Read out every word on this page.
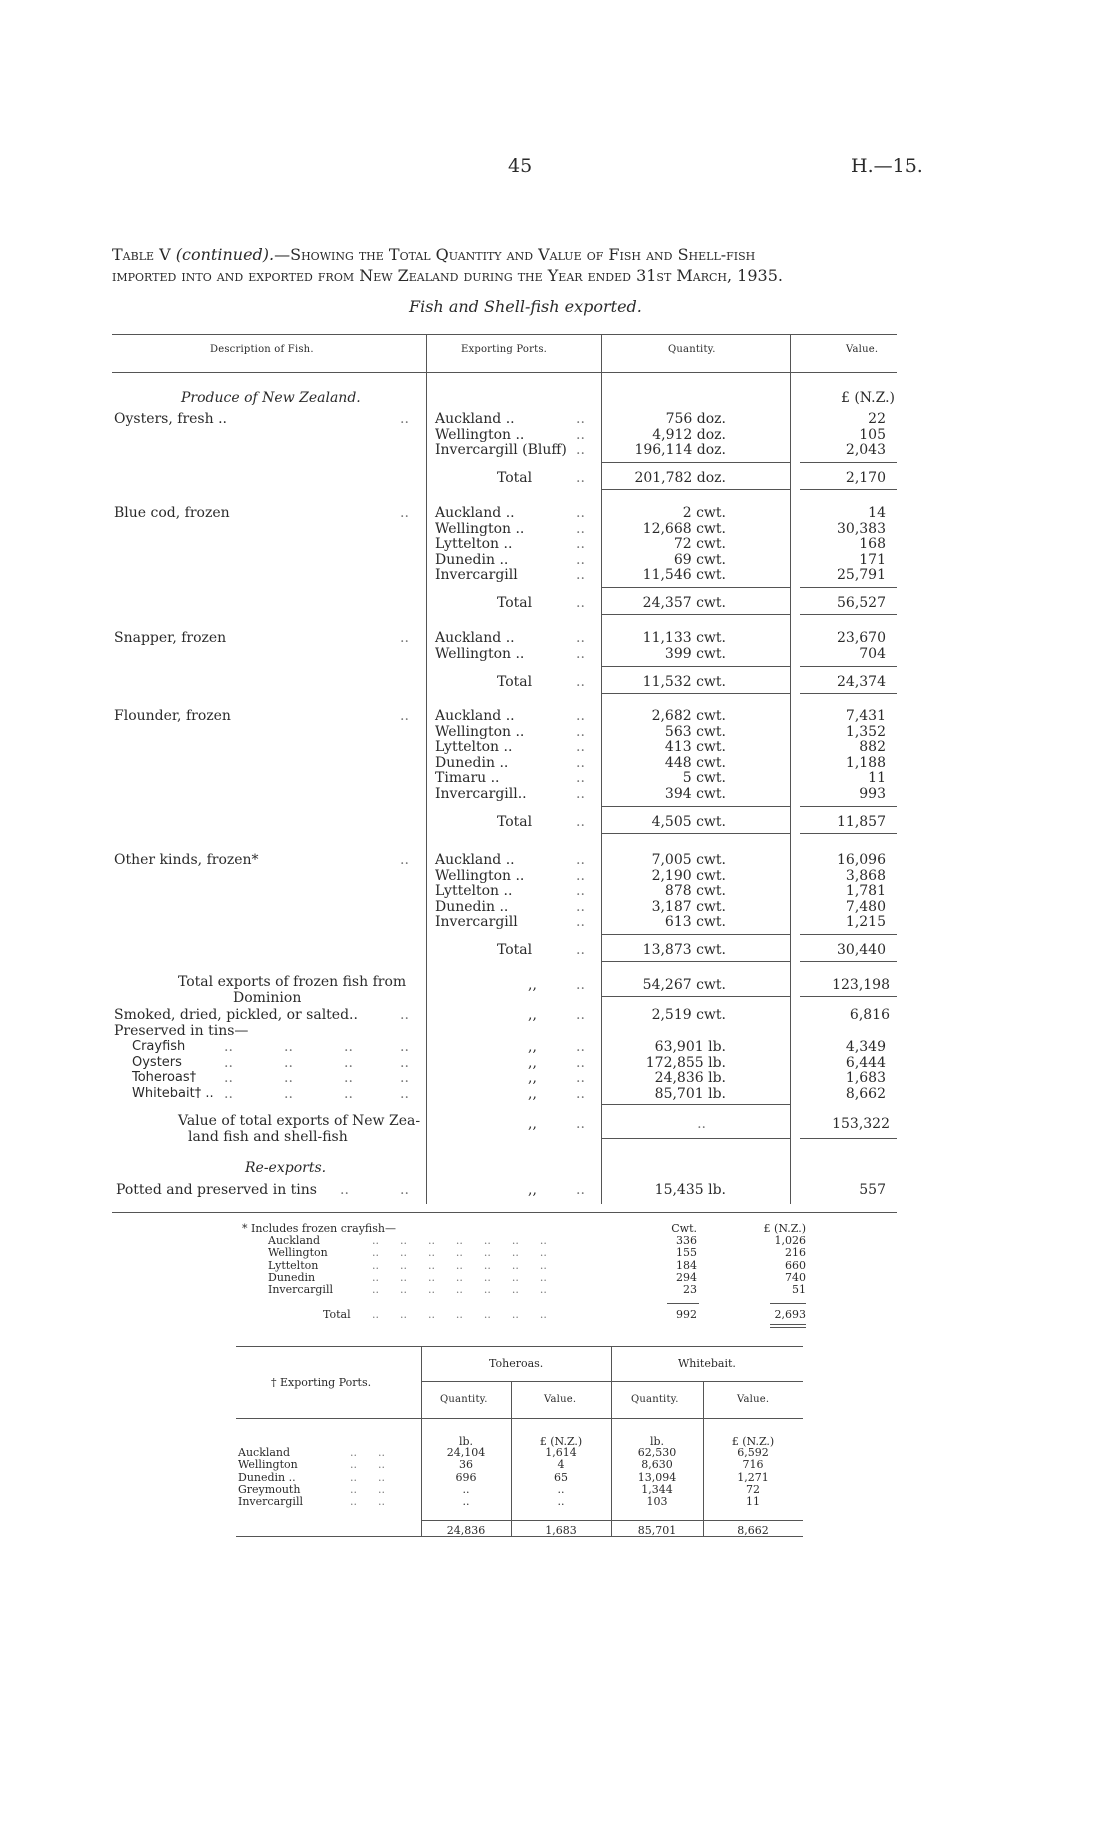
45	H.—15.
Table V (continued).—Showing the Total Quantity and Value of Fish and Shell-fish
imported into and exported from New Zealand during the Year ended 31st March, 1935.
Fish and Shell-fish exported.
Description of Fish.	Exporting Ports.	Quantity.	Value.
Produce of New Zealand.	£ (N.Z.)
Oysters, fresh ..	.. Auckland ..	..	756 doz.	22
Wellington ..	..	4,912 doz.	105
Invercargill (Bluff) ..	196,114 doz.	2,043
Total	..	201,782 doz.	2,170
Blue cod, frozen	.. Auckland ..	..	2 cwt.	14
Wellington ..	..	12,668 cwt.	30,383
Lyttelton ..	..	72 cwt.	168
Dunedin ..	..	69 cwt.	171
Invercargill	..	11,546 cwt.	25,791
Total	..	24,357 cwt.	56,527
Snapper, frozen	.. Auckland ..	..	11,133 cwt.	23,670
Wellington ..	..	399 cwt.	704
Total	..	11,532 cwt.	24,374
Flounder, frozen	.. Auckland ..	..	2,682 cwt.	7,431
Wellington ..	..	563 cwt.	1,352
Lyttelton ..	..	413 cwt.	882
Dunedin ..	..	448 cwt.	1,188
Timaru ..	..	5 cwt.	11
Invercargill..	..	394 cwt.	993
Total	..	4,505 cwt.	11,857
Other kinds, frozen*	.. Auckland ..	..	7,005 cwt.	16,096
Wellington ..	..	2,190 cwt.	3,868
Lyttelton ..	..	878 cwt.	1,781
Dunedin ..	..	3,187 cwt.	7,480
Invercargill	..	613 cwt.	1,215
Total	..	13,873 cwt.	30,440
Total exports of frozen fish from
Dominion
,,	..	54,267 cwt.	123,198
Smoked, dried, pickled, or salted..	..	,,	..	2,519 cwt.	6,816
Preserved in tins—
Crayfish	..	..	..	..	,,	..	63,901 lb.	4,349
Oysters	..	..	..	..	,,	..	172,855 lb.	6,444
Toheroas† ..	..	..	..	,,	..	24,836 lb.	1,683
Whitebait† .. ..	..	..	..	,,	..	85,701 lb.	8,662
Value of total exports of New Zea-
land fish and shell-fish
,,	..	..	153,322
Re-exports.
Potted and preserved in tins ..	..	,,	..	15,435 lb.	557
* Includes frozen crayfish—	Cwt.	£ (N.Z.)
Auckland	..      ..      ..      ..      ..      ..      ..	336	1,026
Wellington	..      ..      ..      ..      ..      ..      ..	155	216
Lyttelton	..      ..      ..      ..      ..      ..      ..	184	660
Dunedin	..      ..      ..      ..      ..      ..      ..	294	740
Invercargill	..      ..      ..      ..      ..      ..      ..	23	51
Total ..      ..      ..      ..      ..      ..      ..	992	2,693
† Exporting Ports.
Toheroas.	Whitebait.
Quantity.	Value.	Quantity.	Value.
lb.	£ (N.Z.)	lb.	£ (N.Z.)
Auckland	..      ..	24,104	1,614	62,530	6,592
Wellington	..      ..	36	4	8,630	716
Dunedin ..	..      ..	696	65	13,094	1,271
Greymouth	..      ..	..	..	1,344	72
Invercargill	..      ..	..	..	103	11
24,836	1,683	85,701	8,662
